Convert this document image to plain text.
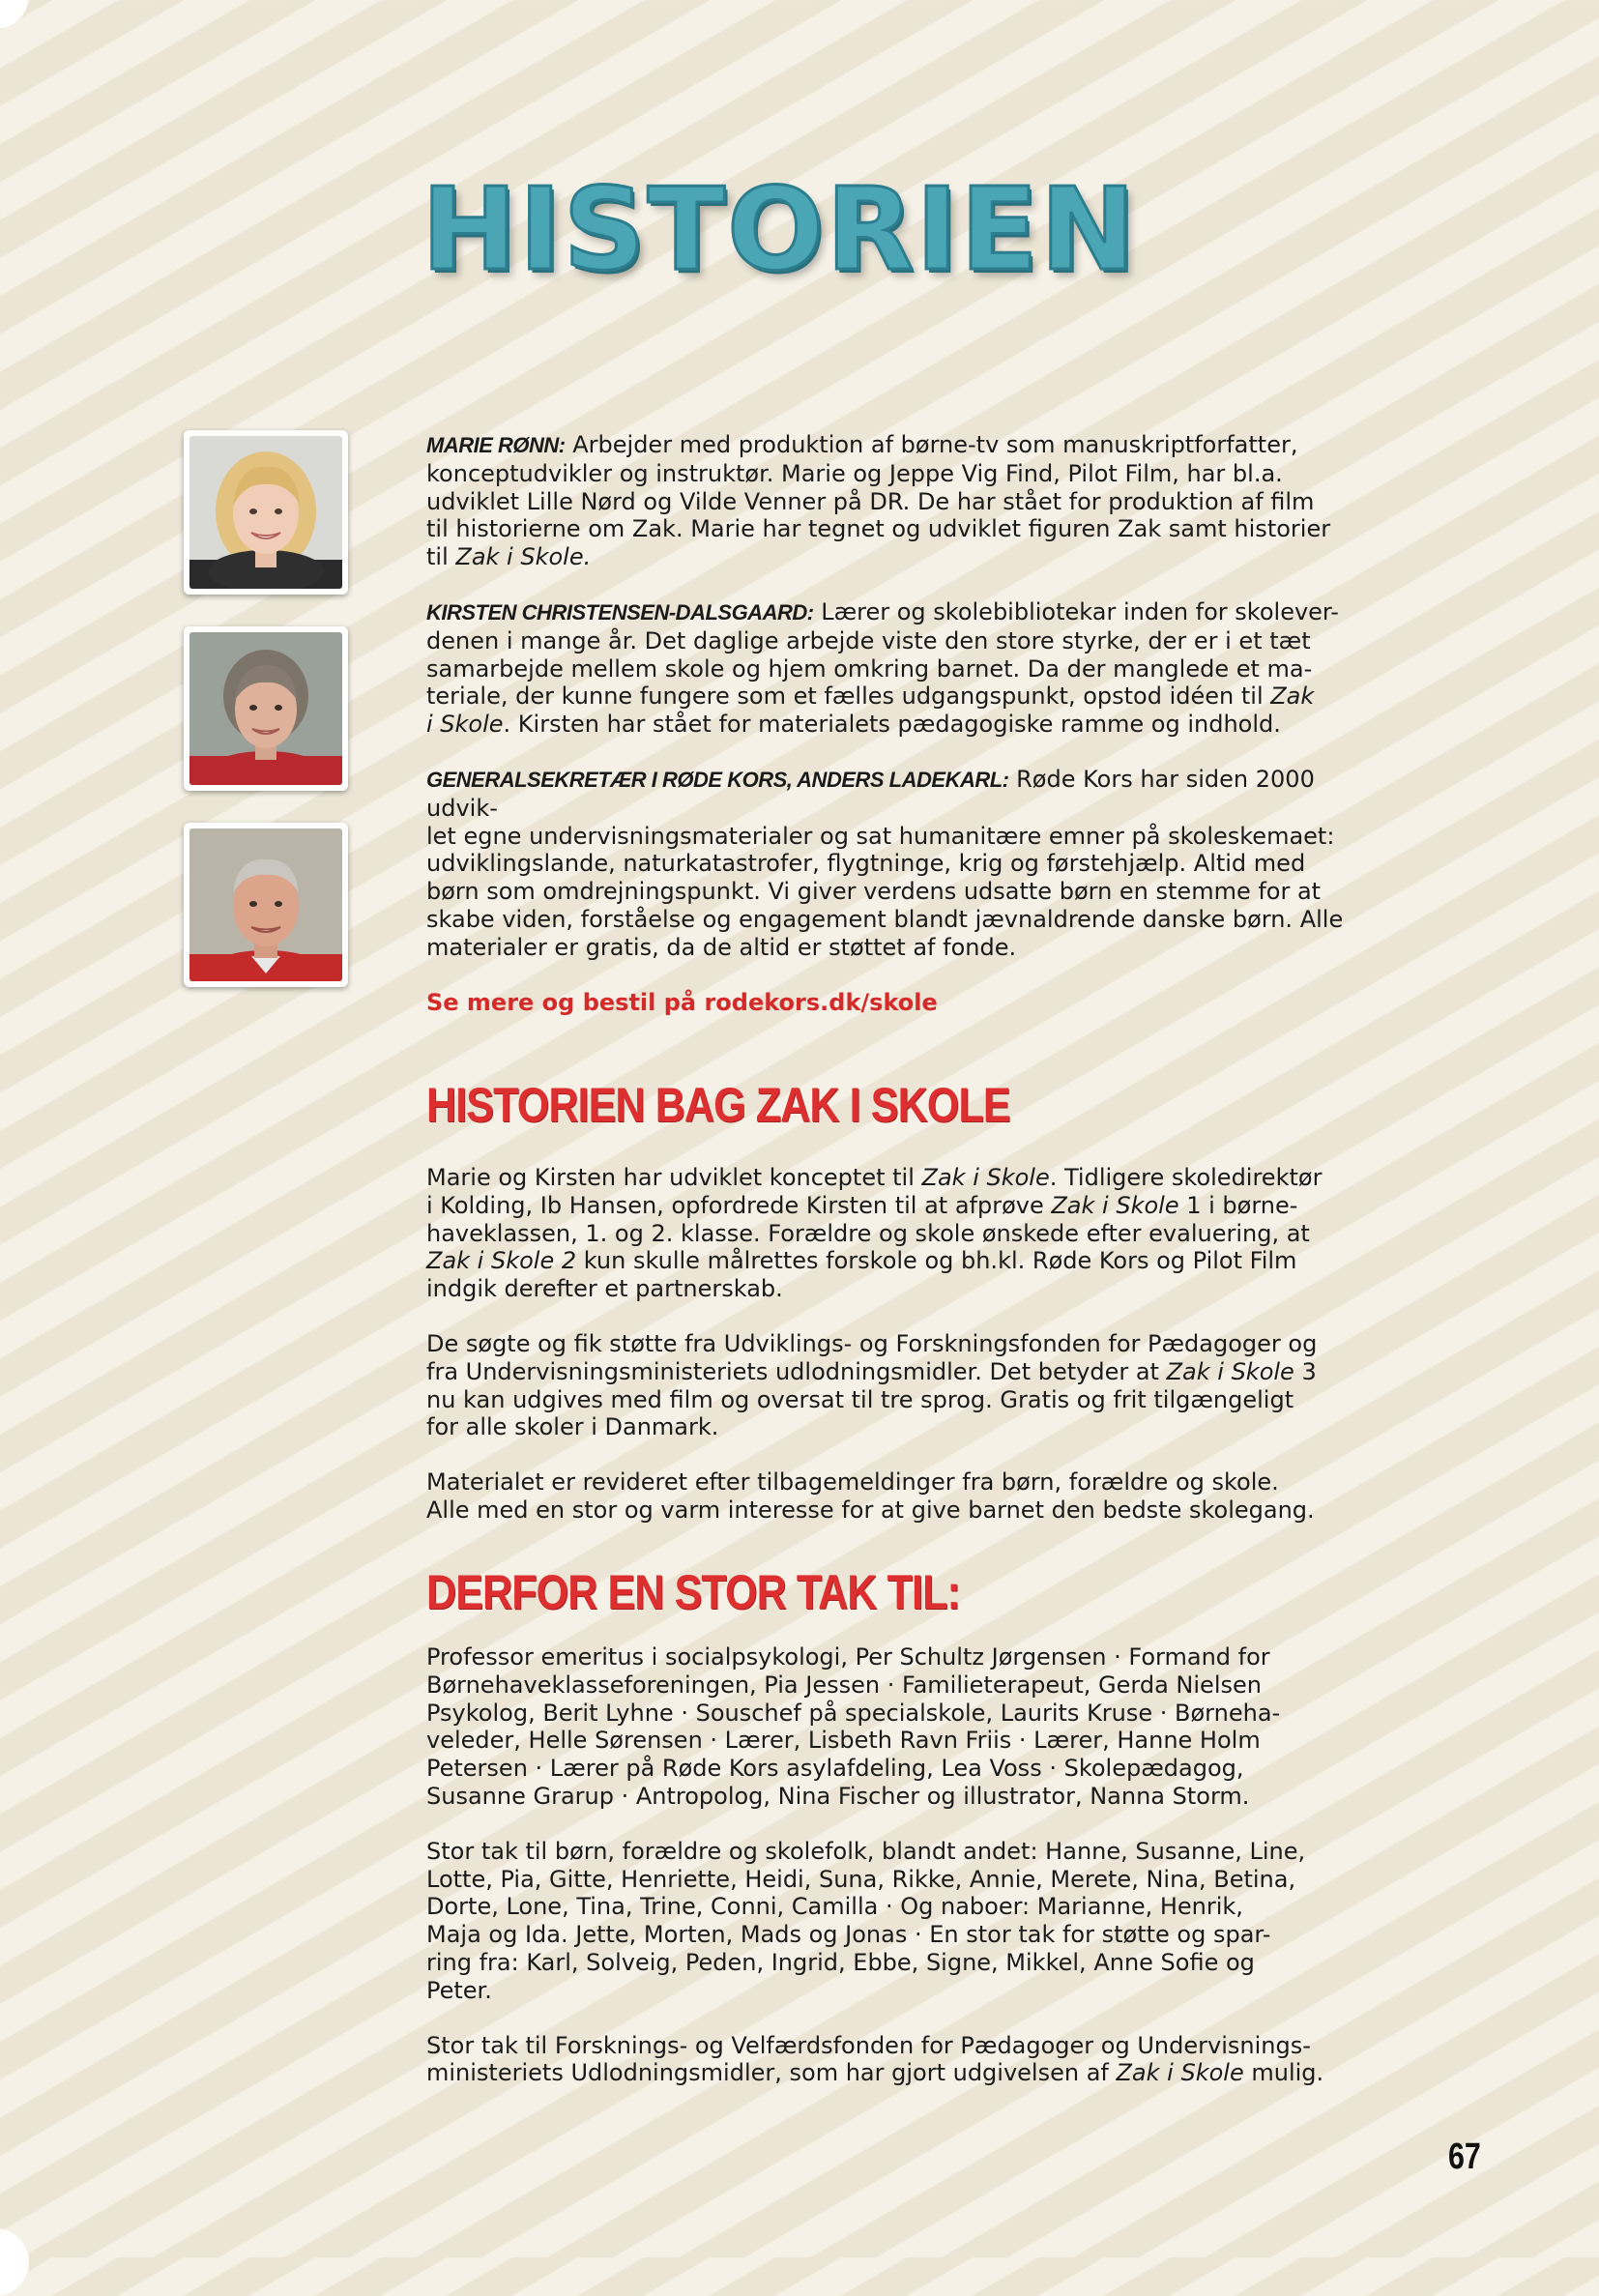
HISTORIEN

MARIE RØNN: Arbejder med produktion af børne-tv som manuskriptforfatter,
konceptudvikler og instruktør. Marie og Jeppe Vig Find, Pilot Film, har bl.a.
udviklet Lille Nørd og Vilde Venner på DR. De har stået for produktion af film
til historierne om Zak. Marie har tegnet og udviklet figuren Zak samt historier
til Zak i Skole.

KIRSTEN CHRISTENSEN-DALSGAARD: Lærer og skolebibliotekar inden for skolever-
denen i mange år. Det daglige arbejde viste den store styrke, der er i et tæt
samarbejde mellem skole og hjem omkring barnet. Da der manglede et ma-
teriale, der kunne fungere som et fælles udgangspunkt, opstod idéen til Zak
i Skole. Kirsten har stået for materialets pædagogiske ramme og indhold.

GENERALSEKRETÆR I RØDE KORS, ANDERS LADEKARL: Røde Kors har siden 2000 udvik-
let egne undervisningsmaterialer og sat humanitære emner på skoleskemaet:
udviklingslande, naturkatastrofer, flygtninge, krig og førstehjælp. Altid med
børn som omdrejningspunkt. Vi giver verdens udsatte børn en stemme for at
skabe viden, forståelse og engagement blandt jævnaldrende danske børn. Alle
materialer er gratis, da de altid er støttet af fonde.

Se mere og bestil på rodekors.dk/skole

HISTORIEN BAG ZAK I SKOLE

Marie og Kirsten har udviklet konceptet til Zak i Skole. Tidligere skoledirektør
i Kolding, Ib Hansen, opfordrede Kirsten til at afprøve Zak i Skole 1 i børne-
haveklassen, 1. og 2. klasse. Forældre og skole ønskede efter evaluering, at
Zak i Skole 2 kun skulle målrettes forskole og bh.kl. Røde Kors og Pilot Film
indgik derefter et partnerskab.

De søgte og fik støtte fra Udviklings- og Forskningsfonden for Pædagoger og
fra Undervisningsministeriets udlodningsmidler. Det betyder at Zak i Skole 3
nu kan udgives med film og oversat til tre sprog. Gratis og frit tilgængeligt
for alle skoler i Danmark.

Materialet er revideret efter tilbagemeldinger fra børn, forældre og skole.
Alle med en stor og varm interesse for at give barnet den bedste skolegang.

DERFOR EN STOR TAK TIL:

Professor emeritus i socialpsykologi, Per Schultz Jørgensen · Formand for
Børnehaveklasseforeningen, Pia Jessen · Familieterapeut, Gerda Nielsen
Psykolog, Berit Lyhne · Souschef på specialskole, Laurits Kruse · Børneha-
veleder, Helle Sørensen · Lærer, Lisbeth Ravn Friis · Lærer, Hanne Holm
Petersen · Lærer på Røde Kors asylafdeling, Lea Voss · Skolepædagog,
Susanne Grarup · Antropolog, Nina Fischer og illustrator, Nanna Storm.

Stor tak til børn, forældre og skolefolk, blandt andet: Hanne, Susanne, Line,
Lotte, Pia, Gitte, Henriette, Heidi, Suna, Rikke, Annie, Merete, Nina, Betina,
Dorte, Lone, Tina, Trine, Conni, Camilla · Og naboer: Marianne, Henrik,
Maja og Ida. Jette, Morten, Mads og Jonas · En stor tak for støtte og spar-
ring fra: Karl, Solveig, Peden, Ingrid, Ebbe, Signe, Mikkel, Anne Sofie og
Peter.

Stor tak til Forsknings- og Velfærdsfonden for Pædagoger og Undervisnings-
ministeriets Udlodningsmidler, som har gjort udgivelsen af Zak i Skole mulig.

67
